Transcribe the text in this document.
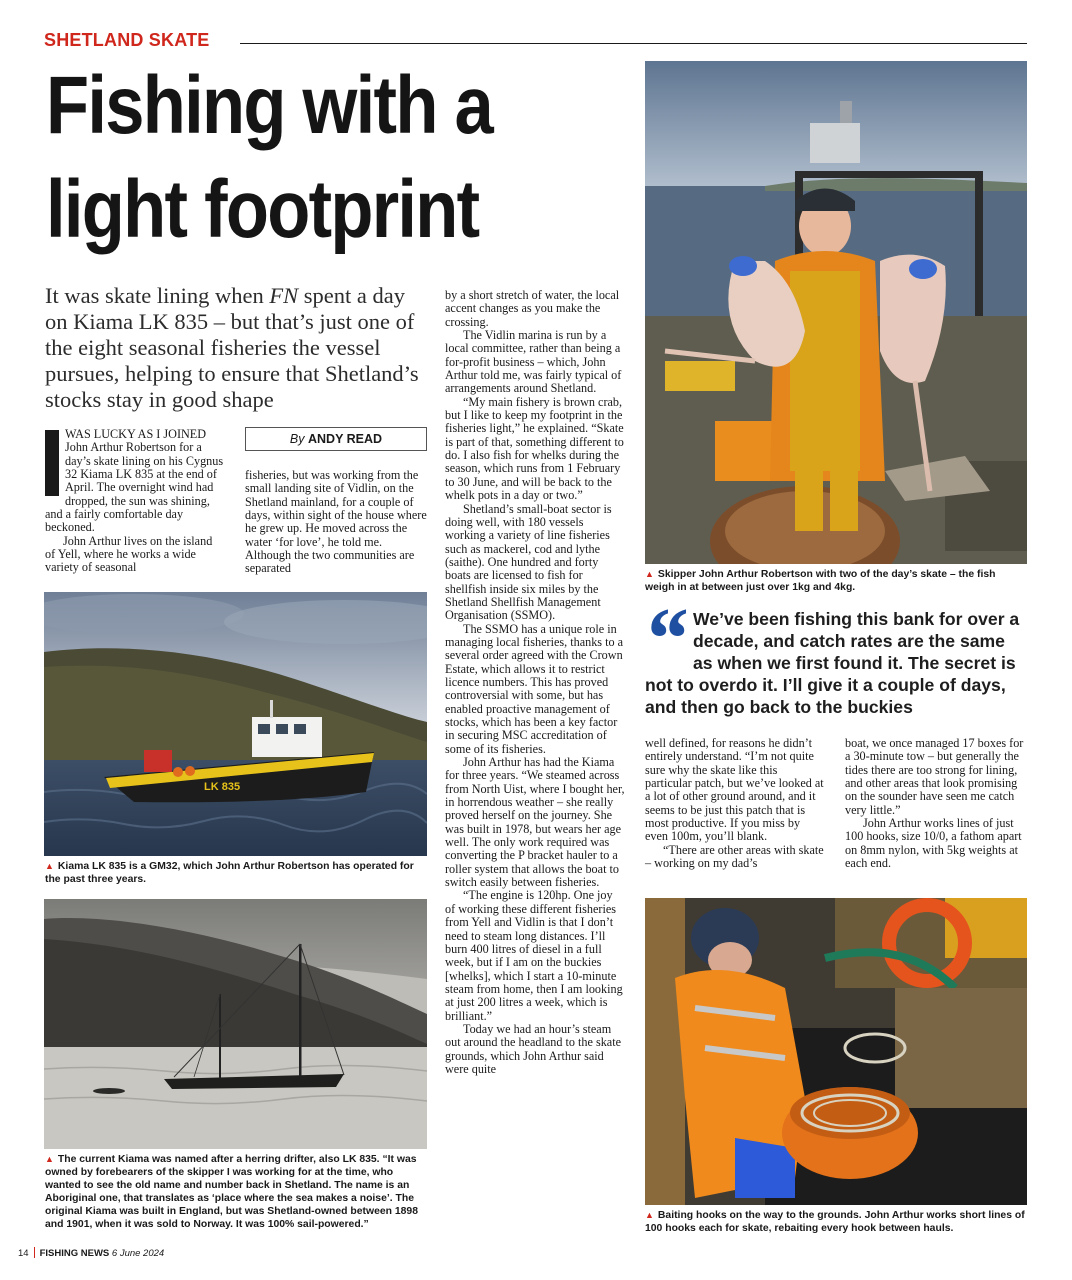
SHETLAND SKATE
Fishing with a light footprint
It was skate lining when FN spent a day on Kiama LK 835 – but that’s just one of the eight seasonal fisheries the vessel pursues, helping to ensure that Shetland’s stocks stay in good shape
By ANDY READ

WAS LUCKY AS I JOINED John Arthur Robertson for a day’s skate lining on his Cygnus 32 Kiama LK 835 at the end of April. The overnight wind had dropped, the sun was shining, and a fairly comfortable day beckoned.

John Arthur lives on the island of Yell, where he works a wide variety of seasonal

fisheries, but was working from the small landing site of Vidlin, on the Shetland mainland, for a couple of days, within sight of the house where he grew up. He moved across the water ‘for love’, he told me. Although the two communities are separated

by a short stretch of water, the local accent changes as you make the crossing.

The Vidlin marina is run by a local committee, rather than being a for-profit business – which, John Arthur told me, was fairly typical of arrangements around Shetland.

“My main fishery is brown crab, but I like to keep my footprint in the fisheries light,” he explained. “Skate is part of that, something different to do. I also fish for whelks during the season, which runs from 1 February to 30 June, and will be back to the whelk pots in a day or two.”

Shetland’s small-boat sector is doing well, with 180 vessels working a variety of line fisheries such as mackerel, cod and lythe (saithe). One hundred and forty boats are licensed to fish for shellfish inside six miles by the Shetland Shellfish Management Organisation (SSMO).

The SSMO has a unique role in managing local fisheries, thanks to a several order agreed with the Crown Estate, which allows it to restrict licence numbers. This has proved controversial with some, but has enabled proactive management of stocks, which has been a key factor in securing MSC accreditation of some of its fisheries.

John Arthur has had the Kiama for three years. “We steamed across from North Uist, where I bought her, in horrendous weather – she really proved herself on the journey. She was built in 1978, but wears her age well. The only work required was converting the P bracket hauler to a roller system that allows the boat to switch easily between fisheries.

“The engine is 120hp. One joy of working these different fisheries from Yell and Vidlin is that I don’t need to steam long distances. I’ll burn 400 litres of diesel in a full week, but if I am on the buckies [whelks], which I start a 10-minute steam from home, then I am looking at just 200 litres a week, which is brilliant.”

Today we had an hour’s steam out around the headland to the skate grounds, which John Arthur said were quite

LK 835
▲ Kiama LK 835 is a GM32, which John Arthur Robertson has operated for the past three years.
▲ The current Kiama was named after a herring drifter, also LK 835. “It was owned by forebearers of the skipper I was working for at the time, who wanted to see the old name and number back in Shetland. The name is an Aboriginal one, that translates as ‘place where the sea makes a noise’. The original Kiama was built in England, but was Shetland-owned between 1898 and 1901, when it was sold to Norway. It was 100% sail-powered.”
▲ Skipper John Arthur Robertson with two of the day’s skate – the fish weigh in at between just over 1kg and 4kg.
“ We’ve been fishing this bank for over a decade, and catch rates are the same as when we first found it. The secret is not to overdo it. I’ll give it a couple of days, and then go back to the buckies

well defined, for reasons he didn’t entirely understand. “I’m not quite sure why the skate like this particular patch, but we’ve looked at a lot of other ground around, and it seems to be just this patch that is most productive. If you miss by even 100m, you’ll blank.

“There are other areas with skate – working on my dad’s

boat, we once managed 17 boxes for a 30-minute tow – but generally the tides there are too strong for lining, and other areas that look promising on the sounder have seen me catch very little.”

John Arthur works lines of just 100 hooks, size 10/0, a fathom apart on 8mm nylon, with 5kg weights at each end.

▲ Baiting hooks on the way to the grounds. John Arthur works short lines of 100 hooks each for skate, rebaiting every hook between hauls.
14 FISHING NEWS 6 June 2024
